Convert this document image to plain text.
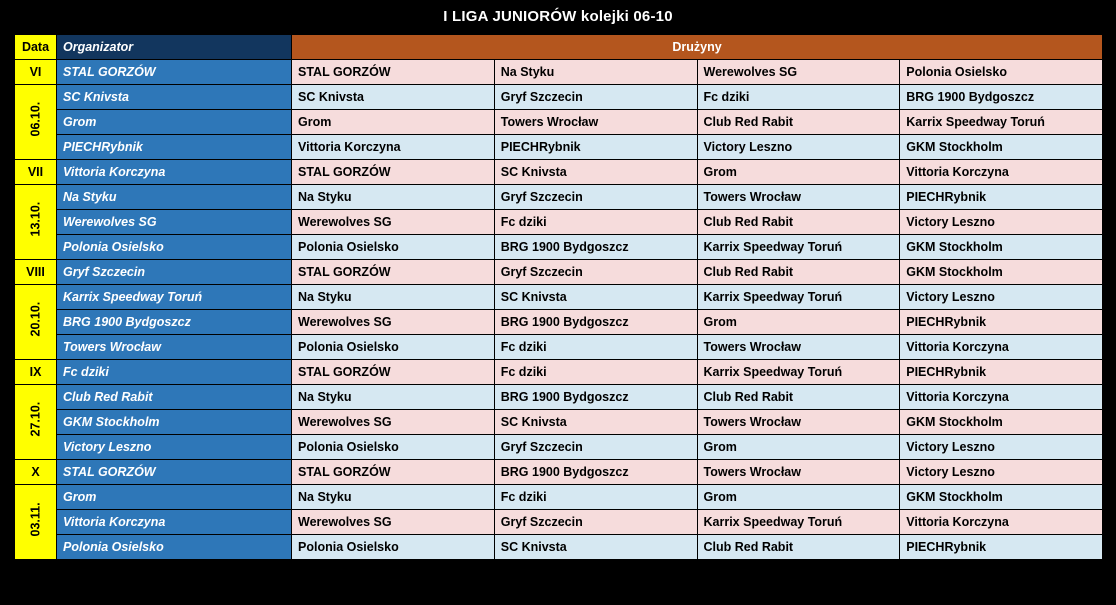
I LIGA JUNIORÓW kolejki 06-10
Data	Organizator	Drużyny			
VI	STAL GORZÓW	STAL GORZÓW	Na Styku	Werewolves SG	Polonia Osielsko

06.10.	SC Knivsta	SC Knivsta	Gryf Szczecin	Fc dziki	BRG 1900 Bydgoszcz
	Grom	Grom	Towers Wrocław	Club Red Rabit	Karrix Speedway Toruń
	PIECHRybnik	Vittoria Korczyna	PIECHRybnik	Victory Leszno	GKM Stockholm
VII	Vittoria Korczyna	STAL GORZÓW	SC Knivsta	Grom	Vittoria Korczyna

13.10.	Na Styku	Na Styku	Gryf Szczecin	Towers Wrocław	PIECHRybnik
	Werewolves SG	Werewolves SG	Fc dziki	Club Red Rabit	Victory Leszno
	Polonia Osielsko	Polonia Osielsko	BRG 1900 Bydgoszcz	Karrix Speedway Toruń	GKM Stockholm
VIII	Gryf Szczecin	STAL GORZÓW	Gryf Szczecin	Club Red Rabit	GKM Stockholm

20.10.	Karrix Speedway Toruń	Na Styku	SC Knivsta	Karrix Speedway Toruń	Victory Leszno
	BRG 1900 Bydgoszcz	Werewolves SG	BRG 1900 Bydgoszcz	Grom	PIECHRybnik
	Towers Wrocław	Polonia Osielsko	Fc dziki	Towers Wrocław	Vittoria Korczyna
IX	Fc dziki	STAL GORZÓW	Fc dziki	Karrix Speedway Toruń	PIECHRybnik

27.10.	Club Red Rabit	Na Styku	BRG 1900 Bydgoszcz	Club Red Rabit	Vittoria Korczyna
	GKM Stockholm	Werewolves SG	SC Knivsta	Towers Wrocław	GKM Stockholm
	Victory Leszno	Polonia Osielsko	Gryf Szczecin	Grom	Victory Leszno
X	STAL GORZÓW	STAL GORZÓW	BRG 1900 Bydgoszcz	Towers Wrocław	Victory Leszno

03.11.	Grom	Na Styku	Fc dziki	Grom	GKM Stockholm
	Vittoria Korczyna	Werewolves SG	Gryf Szczecin	Karrix Speedway Toruń	Vittoria Korczyna
	Polonia Osielsko	Polonia Osielsko	SC Knivsta	Club Red Rabit	PIECHRybnik
